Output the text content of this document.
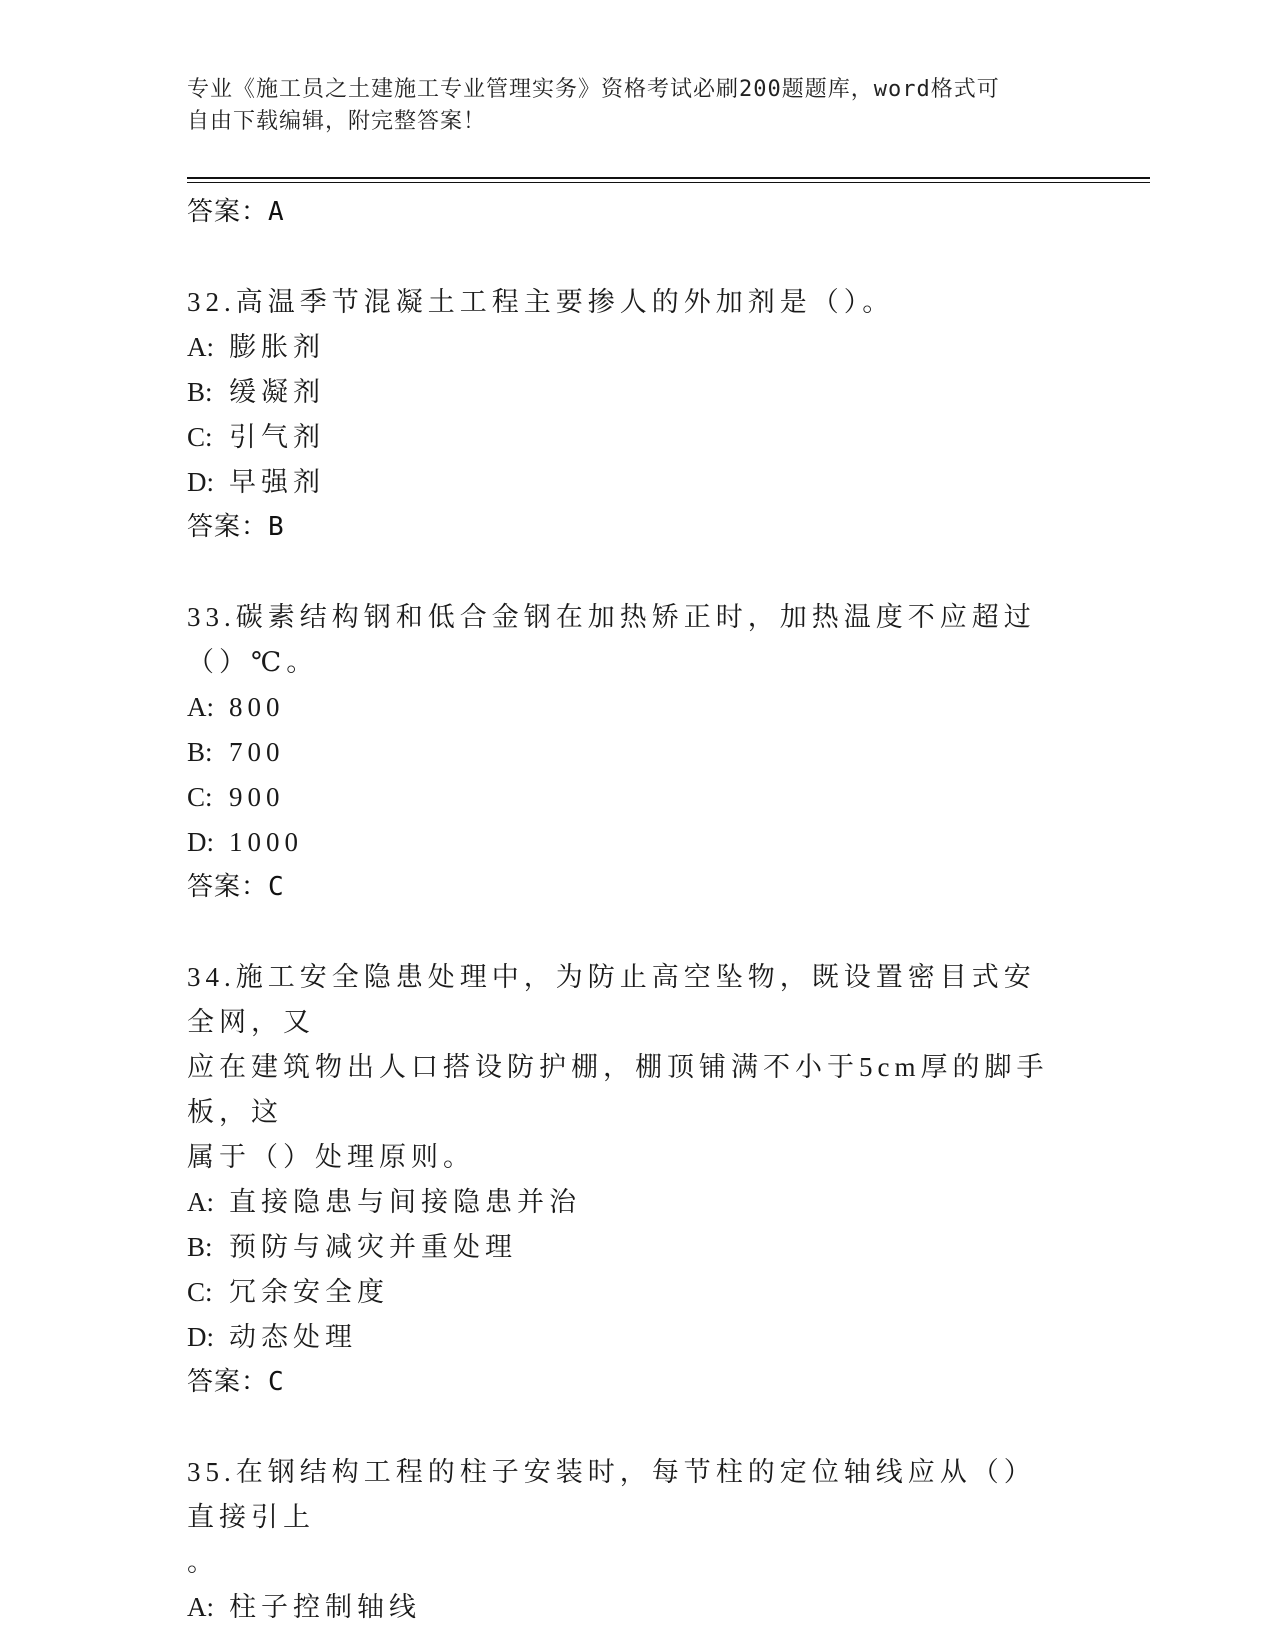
专业《施工员之土建施工专业管理实务》资格考试必刷200题题库，word格式可
自由下载编辑，附完整答案！
答案：A
32.高温季节混凝土工程主要掺人的外加剂是（）。
A: 膨胀剂
B: 缓凝剂
C: 引气剂
D: 早强剂
答案：B
33.碳素结构钢和低合金钢在加热矫正时，加热温度不应超过（）℃。
A: 800
B: 700
C: 900
D: 1000
答案：C
34.施工安全隐患处理中，为防止高空坠物，既设置密目式安全网，又
应在建筑物出人口搭设防护棚，棚顶铺满不小于5cm厚的脚手板，这
属于（）处理原则。
A: 直接隐患与间接隐患并治
B: 预防与减灾并重处理
C: 冗余安全度
D: 动态处理
答案：C
35.在钢结构工程的柱子安装时，每节柱的定位轴线应从（）直接引上
。
A: 柱子控制轴线
